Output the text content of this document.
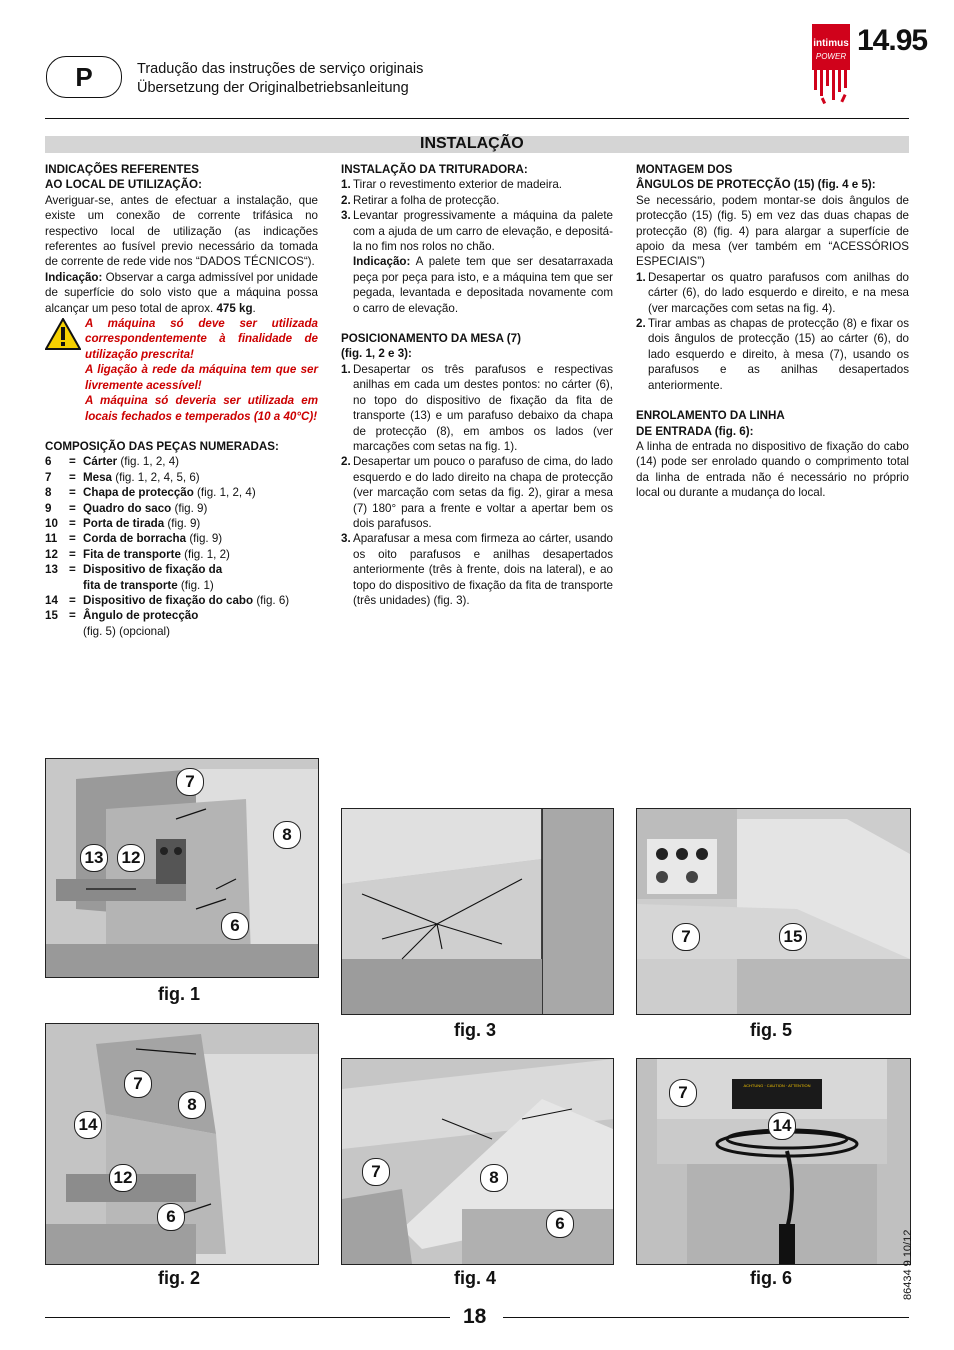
P	Tradução das instruções de serviço originais
Übersetzung der Originalbetriebsanleitung
intimus
POWER 14.95
INSTALAÇÃO

INDICAÇÕES REFERENTES

AO LOCAL DE UTILIZAÇÃO:

Averiguar-se, antes de efectuar a instalação, que existe um conexão de corrente trifásica no respectivo local de utilização (as indicações referentes ao fusível previo necessário da tomada de corrente de rede vide nos “DADOS TÉCNICOS“).

Indicação: Observar a carga admissível por unidade de superfície do solo visto que a máquina possa alcançar um peso total de aprox. 475 kg.

A máquina só deve ser utilizada correspondentemente à finalidade de utilização prescrita!

A ligação à rede da máquina tem que ser livremente acessível!

A máquina só deveria ser utilizada em locais fechados e temperados (10 a 40°C)!

COMPOSIÇÃO DAS PEÇAS NUMERADAS:

6	= Cárter (fig. 1, 2, 4)
7	= Mesa (fig. 1, 2, 4, 5, 6)
8	= Chapa de protecção (fig. 1, 2, 4)
9	= Quadro do saco (fig. 9)
10 = Porta de tirada (fig. 9)
11	= Corda de borracha (fig. 9)
12 = Fita de transporte (fig. 1, 2)
13 = Dispositivo de fixação da
fita de transporte (fig. 1)
14 = Dispositivo de fixação do cabo (fig. 6)
15 = Ângulo de protecção
(fig. 5) (opcional)

INSTALAÇÃO DA TRITURADORA:

1. Tirar o revestimento exterior de madeira.
2. Retirar a folha de protecção.
3. Levantar progressivamente a máquina da palete com a ajuda de um carro de elevação, e depositá-la no fim nos rolos no chão.
Indicação: A palete tem que ser desatarraxada peça por peça para isto, e a máquina tem que ser pegada, levantada e depositada novamente com o carro de elevação.

POSICIONAMENTO DA MESA (7)

(fig. 1, 2 e 3):

1. Desapertar os três parafusos e respectivas anilhas em cada um destes pontos: no cárter (6), no topo do dispositivo de fixação da fita de transporte (13) e um parafuso debaixo da chapa de protecção (8), em ambos os lados (ver marcações com setas na fig. 1).
2. Desapertar um pouco o parafuso de cima, do lado esquerdo e do lado direito na chapa de protecção (ver marcação com setas da fig. 2), girar a mesa (7) 180° para a frente e voltar a apertar bem os dois parafusos.
3. Aparafusar a mesa com firmeza ao cárter, usando os oito parafusos e anilhas desapertados anteriormente (três à frente, dois na lateral), e ao topo do dispositivo de fixação da fita de transporte (três unidades) (fig. 3).

MONTAGEM DOS

ÂNGULOS DE PROTECÇÃO (15) (fig. 4 e 5):

Se necessário, podem montar-se dois ângulos de protecção (15) (fig. 5) em vez das duas chapas de protecção (8) (fig. 4) para alargar a superfície de apoio da mesa (ver também em “ACESSÓRIOS ESPECIAIS”)

1. Desapertar os quatro parafusos com anilhas do cárter (6), do lado esquerdo e direito, e na mesa (ver marcações com setas na fig. 4).
2. Tirar ambas as chapas de protecção (8) e fixar os dois ângulos de protecção (15) ao cárter (6), do lado esquerdo e direito, à mesa (7), usando os parafusos e as anilhas desapertados anteriormente.

ENROLAMENTO DA LINHA

DE ENTRADA (fig. 6):

A linha de entrada no dispositivo de fixação do cabo (14) pode ser enrolado quando o comprimento total da linha de entrada não é necessário no próprio local ou durante a mudança do local.

7
8
13 12
6
fig. 1
7
8
14
12
6
fig. 2
fig. 3
7	8
6
fig. 4
7	15
fig. 5
ACHTUNG · CAUTION · ATTENTION
7
14
fig. 6	86434 9 10/12
18
